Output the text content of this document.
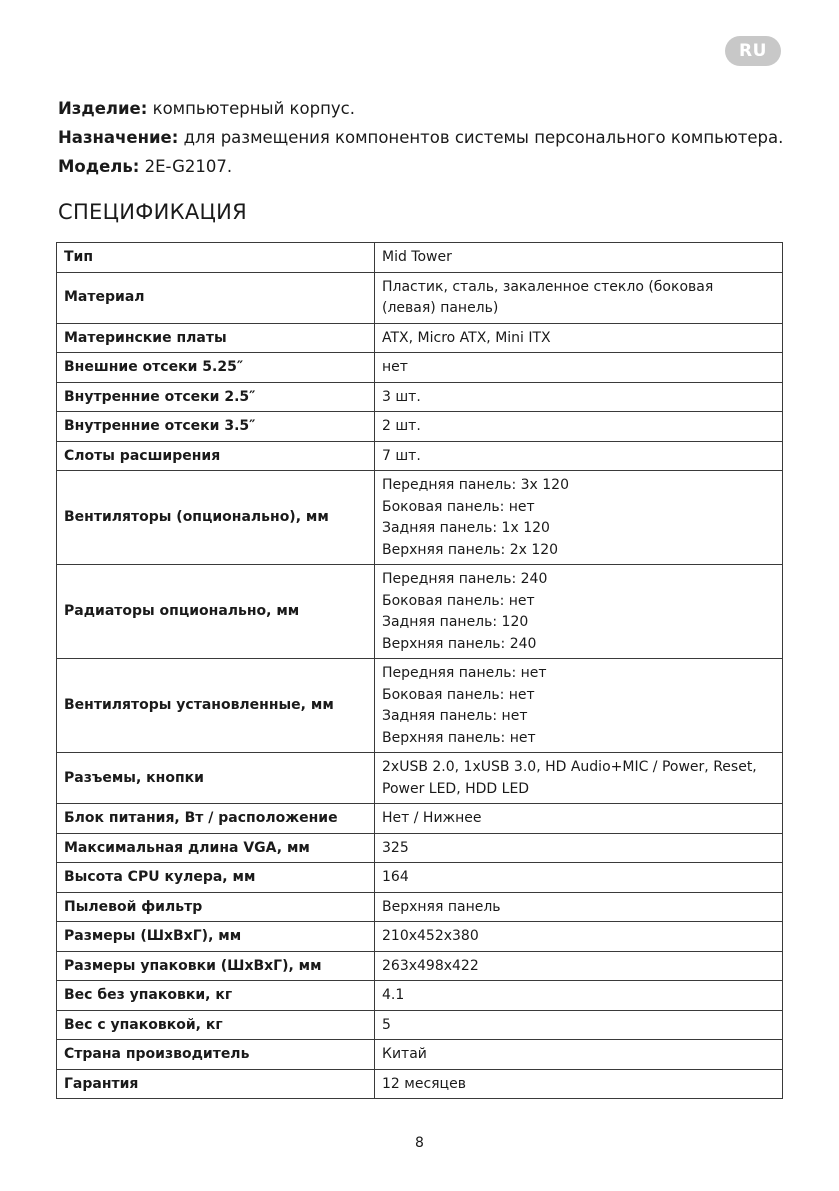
RU
Изделие: компьютерный корпус.
Назначение: для размещения компонентов системы персонального компьютера.
Модель: 2E-G2107.
СПЕЦИФИКАЦИЯ
Тип	Mid Tower
Материал	Пластик, сталь, закаленное стекло (боковая
(левая) панель)
Материнские платы	ATX, Micro ATX, Mini ITX
Внешние отсеки 5.25″	нет
Внутренние отсеки 2.5″	3 шт.
Внутренние отсеки 3.5″	2 шт.
Слоты расширения	7 шт.
Вентиляторы (опционально), мм	Передняя панель: 3x 120
Боковая панель: нет
Задняя панель: 1x 120
Верхняя панель: 2x 120
Радиаторы опционально, мм	Передняя панель: 240
Боковая панель: нет
Задняя панель: 120
Верхняя панель: 240
Вентиляторы установленные, мм	Передняя панель: нет
Боковая панель: нет
Задняя панель: нет
Верхняя панель: нет
Разъемы, кнопки	2xUSB 2.0, 1xUSB 3.0, HD Audio+MIC / Power, Reset,
Power LED, HDD LED
Блок питания, Вт / расположение	Нет / Нижнее
Максимальная длина VGA, мм	325
Высота CPU кулера, мм	164
Пылевой фильтр	Верхняя панель
Размеры (ШхВхГ), мм	210x452x380
Размеры упаковки (ШхВхГ), мм	263x498x422
Вес без упаковки, кг	4.1
Вес с упаковкой, кг	5
Страна производитель	Китай
Гарантия	12 месяцев
8
